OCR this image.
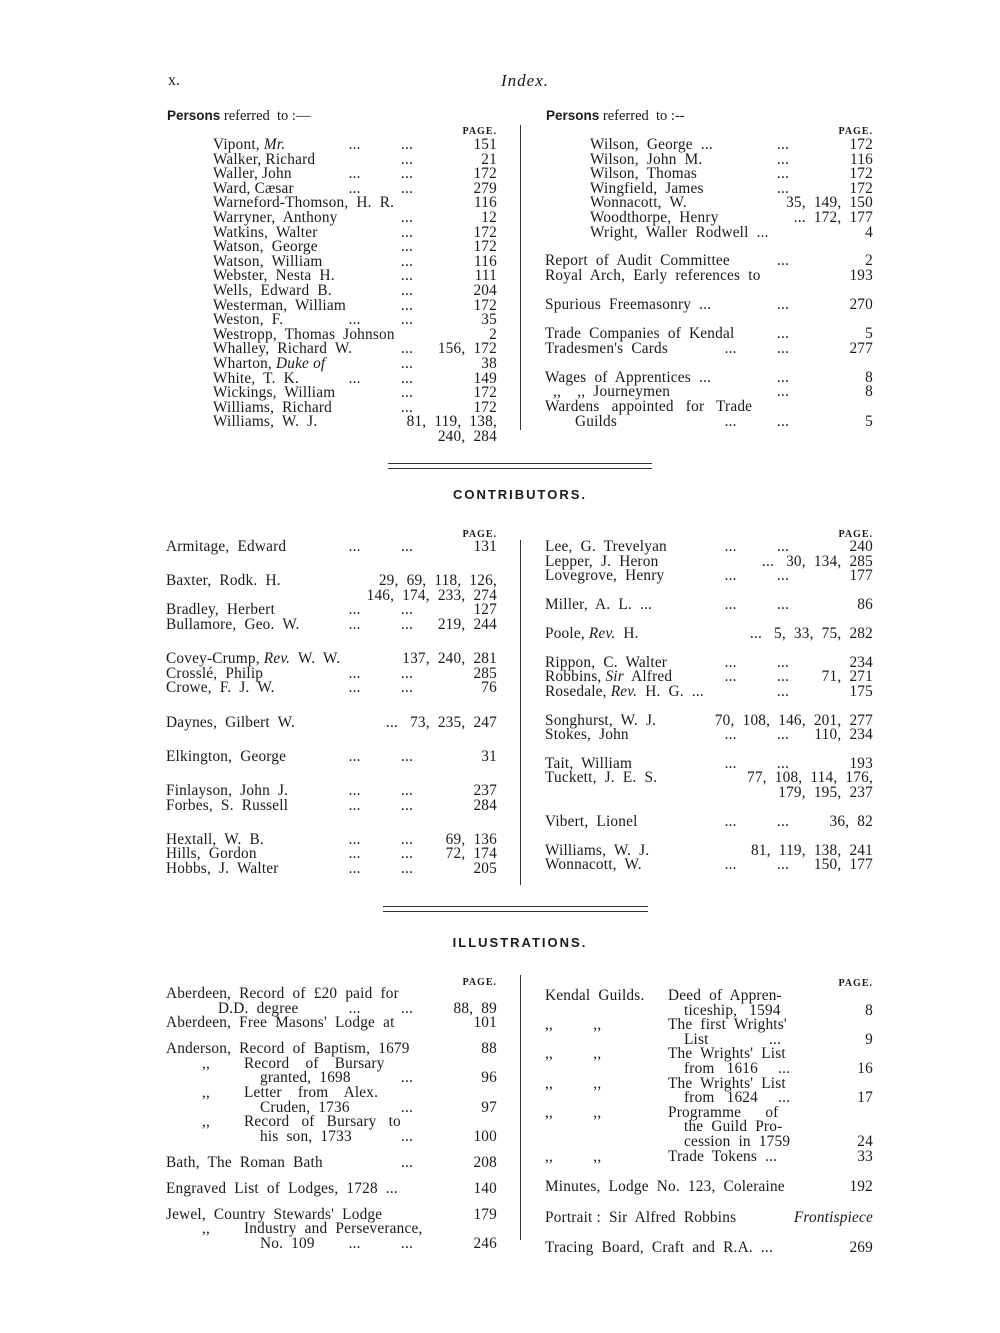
x.	Index.
Persons referred  to :—
PAGE.
Vipont, Mr.	...          ...	151
Walker, Richard	...	21
Waller, John	...          ...	172
Ward, Cæsar	...          ...	279
Warneford-Thomson,  H.  R.	116
Warryner,  Anthony	...	12
Watkins,  Walter	...	172
Watson,  George	...	172
Watson,  William	...	116
Webster,  Nesta  H.	...	111
Wells,  Edward  B.	...	204
Westerman,  William	...	172
Weston,  F.	...          ...	35
Westropp,  Thomas  Johnson	2
Whalley,  Richard  W.	...	156,  172
Wharton, Duke of	...	38
White,  T.  K.	...          ...	149
Wickings,  William	...	172
Williams,  Richard	...	172
Williams,  W.  J.	81,  119,  138,
240,  284
Persons referred  to :--
PAGE.
Wilson,  George  ...	...	172
Wilson,  John  M.	...	116
Wilson,  Thomas	...	172
Wingfield,  James	...	172
Wonnacott,  W.	35,  149,  150
Woodthorpe,  Henry	...  172,  177
Wright,  Waller  Rodwell  ...	4
Report  of  Audit  Committee	...	2
Royal  Arch,  Early  references  to	193
Spurious  Freemasonry  ...	...	270
Trade  Companies  of  Kendal	...	5
Tradesmen's  Cards	...          ...	277
Wages  of  Apprentices  ...	...	8
,,    ,,  Journeymen	...	8
Wardens   appointed   for   Trade
Guilds	...          ...	5
CONTRIBUTORS.
PAGE.
Armitage,  Edward	...          ...	131
Baxter,  Rodk.  H.	29,  69,  118,  126,
146,  174,  233,  274
Bradley,  Herbert	...          ...	127
Bullamore,  Geo.  W.	...          ...	219,  244
Covey-Crump, Rev.  W.  W.	137,  240,  281
Crosslé,  Philip	...          ...	285
Crowe,  F.  J.  W.	...          ...	76
Daynes,  Gilbert  W.	... 73,  235,  247
Elkington,  George	...          ...	31
Finlayson,  John  J.	...          ...	237
Forbes,  S.  Russell	...          ...	284
Hextall,  W.  B.	...          ...	69,  136
Hills,  Gordon	...          ...	72,  174
Hobbs,  J.  Walter	...          ...	205
PAGE.
Lee,  G.  Trevelyan	...          ...	240
Lepper,  J.  Heron	... 30,  134,  285
Lovegrove,  Henry	...          ...	177
Miller,  A.  L.  ...	...          ...	86
Poole, Rev.  H.	... 5,  33,  75,  282
Rippon,  C.  Walter	...          ...	234
Robbins, Sir  Alfred	...          ...	71,  271
Rosedale, Rev.  H.  G.  ...	...	175
Songhurst,  W.  J.	70,  108,  146,  201,  277
Stokes,  John	...          ...	110,  234
Tait,  William	...          ...	193
Tuckett,  J.  E.  S.	77,  108,  114,  176,
179,  195,  237
Vibert,  Lionel	...          ...	36,  82
Williams,  W.  J.	81,  119,  138,  241
Wonnacott,  W.	...          ...	150,  177
ILLUSTRATIONS.
PAGE.
Aberdeen,  Record  of  £20  paid  for
D.D.  degree	...          ...	88,  89
Aberdeen,  Free  Masons'  Lodge  at	101
Anderson,  Record  of  Baptism,  1679	88
,, Record    of    Bursary
granted,  1698	...	96
,, Letter    from    Alex.
Cruden,  1736	...	97
,, Record   of   Bursary   to
his  son,  1733	...	100
Bath,  The  Roman  Bath	...	208
Engraved  List  of  Lodges,  1728  ...	140
Jewel,  Country  Stewards'  Lodge	179
,, Industry  and  Perseverance,
No.  109	...          ...	246
PAGE.
Kendal  Guilds. Deed  of  Appren-
ticeship,   1594	8
,,          ,,	The  first  Wrights'
List               ...	9
,,          ,,	The  Wrights'  List
from   1616     ...	16
,,          ,,	The  Wrights'  List
from   1624     ...	17
,,          ,,	Programme      of
the  Guild  Pro-
cession  in  1759	24
,,          ,,	Trade  Tokens  ...	33
Minutes,  Lodge  No.  123,  Coleraine	192
Portrait :  Sir  Alfred  Robbins	Frontispiece
Tracing  Board,  Craft  and  R.A.  ...	269
